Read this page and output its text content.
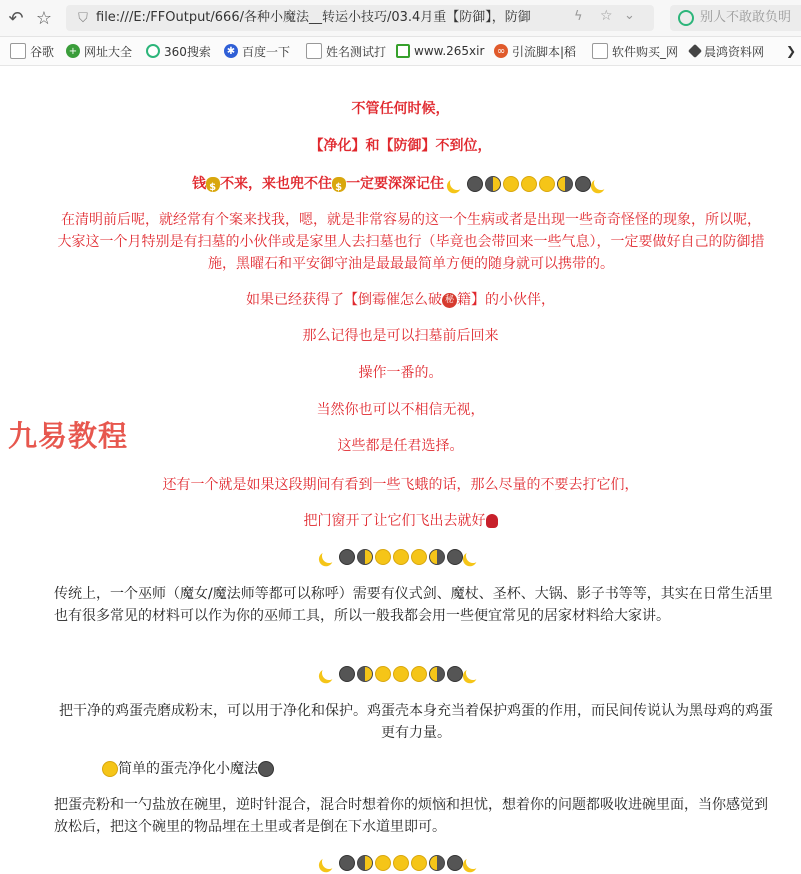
↶ ☆	⛉ file:///E:/FFOutput/666/各种小魔法__转运小技巧/03.4月重【防御】，防御	ϟ ☆ ⌄	别人不敢敢负明
谷歌 + 网址大全	360搜索 ✱ 百度一下	姓名测试打 www.265xir ∞ 引流脚本|稻	软件购买_网 晨鸿资料网 ❯
不管任何时候，
【净化】和【防御】不到位，
钱 $ 不来，来也兜不住 $ 一定要深深记住
在清明前后呢，就经常有个案来找我，嗯，就是非常容易的这一个生病或者是出现一些奇奇怪怪的现象，所以呢，大家这一个月特别是有扫墓的小伙伴或是家里人去扫墓也行（毕竟也会带回来一些气息），一定要做好自己的防御措施，黑曜石和平安御守油是最最最简单方便的随身就可以携带的。
如果已经获得了【倒霉催怎么破 秘 籍】的小伙伴，
那么记得也是可以扫墓前后回来
操作一番的。
当然你也可以不相信无视，
这些都是任君选择。
还有一个就是如果这段期间有看到一些飞蛾的话，那么尽量的不要去打它们，
把门窗开了让它们飞出去就好
传统上，一个巫师（魔女/魔法师等都可以称呼）需要有仪式剑、魔杖、圣杯、大锅、影子书等等，其实在日常生活里也有很多常见的材料可以作为你的巫师工具，所以一般我都会用一些便宜常见的居家材料给大家讲。
把干净的鸡蛋壳磨成粉末，可以用于净化和保护。鸡蛋壳本身充当着保护鸡蛋的作用，而民间传说认为黑母鸡的鸡蛋更有力量。
简单的蛋壳净化小魔法
把蛋壳粉和一勺盐放在碗里，逆时针混合，混合时想着你的烦恼和担忧，想着你的问题都吸收进碗里面，当你感觉到放松后，把这个碗里的物品埋在土里或者是倒在下水道里即可。
九易教程
